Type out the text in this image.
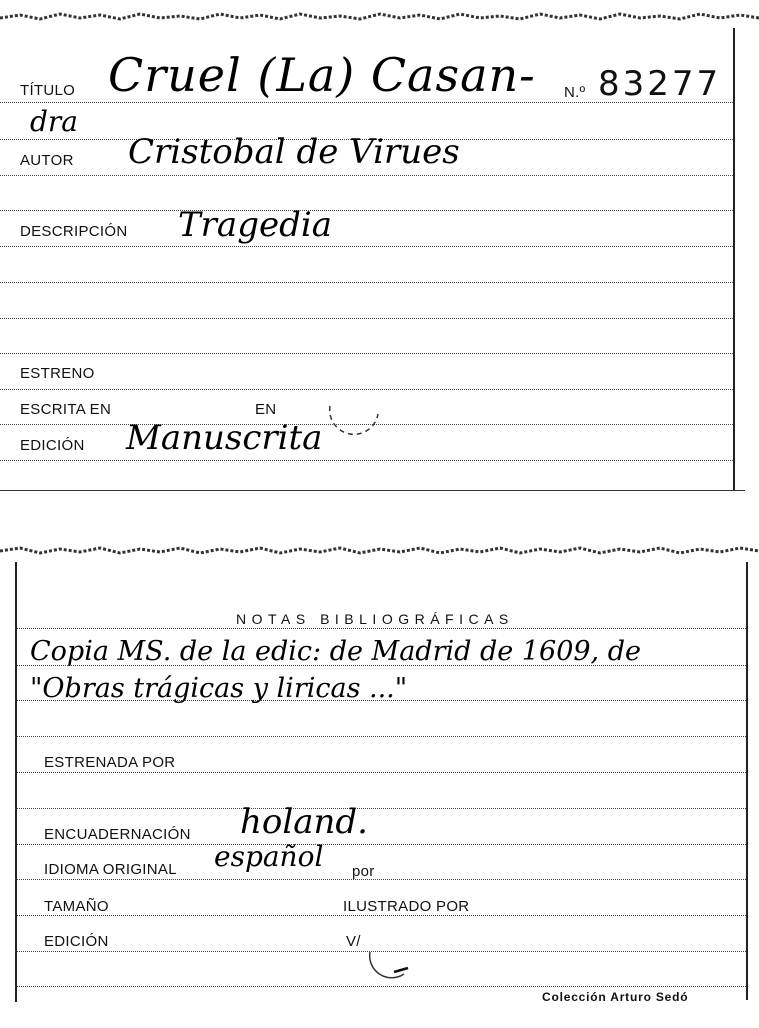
TÍTULO Cruel (La) Casan- N.º 83277
dra
AUTOR Cristobal de Virues
DESCRIPCIÓN Tragedia
ESTRENO
ESCRITA EN	EN
EDICIÓN Manuscrita
NOTAS BIBLIOGRÁFICAS
Copia MS. de la edic: de Madrid de 1609, de
"Obras trágicas y liricas ..."
ESTRENADA POR
ENCUADERNACIÓN holand.
IDIOMA ORIGINAL español por
TAMAÑO	ILUSTRADO POR
EDICIÓN	V/
Colección Arturo Sedó
